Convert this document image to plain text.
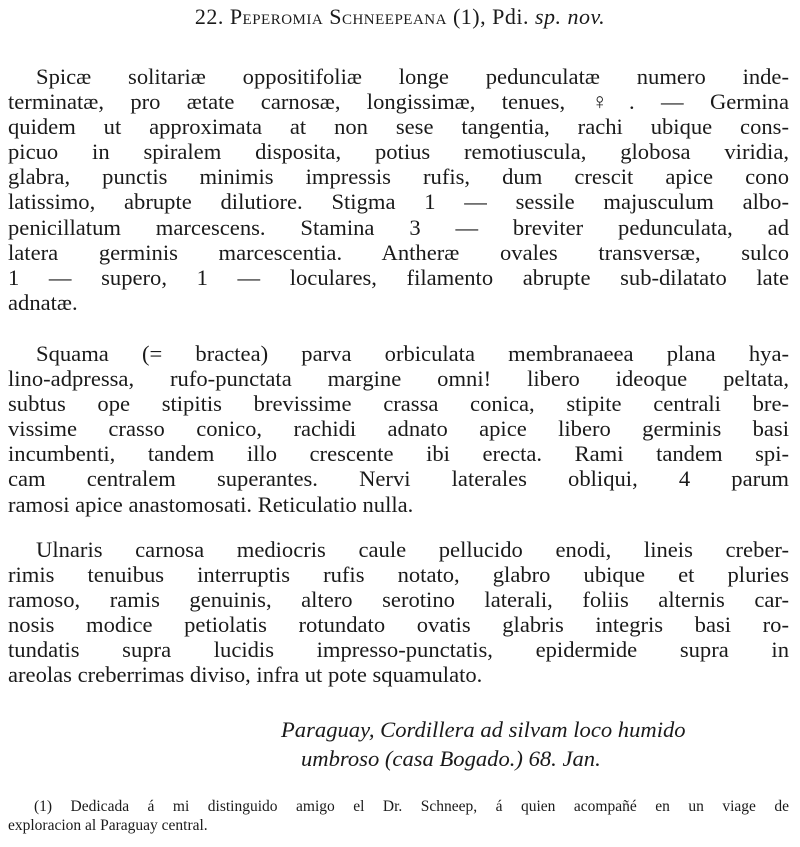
22. Peperomia Schneepeana (1), Pdi. sp. nov.

Spicæ solitariæ oppositifoliæ longe pedunculatæ numero inde-
terminatæ, pro ætate carnosæ, longissimæ, tenues, ♀. — Germina
quidem ut approximata at non sese tangentia, rachi ubique cons-
picuo in spiralem disposita, potius remotiuscula, globosa viridia,
glabra, punctis minimis impressis rufis, dum crescit apice cono
latissimo, abrupte dilutiore. Stigma 1 — sessile majusculum albo-
penicillatum marcescens. Stamina 3 — breviter pedunculata, ad
latera germinis marcescentia. Antheræ ovales transversæ, sulco
1 — supero, 1 — loculares, filamento abrupte sub-dilatato late
adnatæ.

Squama (= bractea) parva orbiculata membranaeea plana hya-
lino-adpressa, rufo-punctata margine omni! libero ideoque peltata,
subtus ope stipitis brevissime crassa conica, stipite centrali bre-
vissime crasso conico, rachidi adnato apice libero germinis basi
incumbenti, tandem illo crescente ibi erecta. Rami tandem spi-
cam centralem superantes. Nervi laterales obliqui, 4 parum
ramosi apice anastomosati. Reticulatio nulla.

Ulnaris carnosa mediocris caule pellucido enodi, lineis creber-
rimis tenuibus interruptis rufis notato, glabro ubique et pluries
ramoso, ramis genuinis, altero serotino laterali, foliis alternis car-
nosis modice petiolatis rotundato ovatis glabris integris basi ro-
tundatis supra lucidis impresso-punctatis, epidermide supra in
areolas creberrimas diviso, infra ut pote squamulato.

Paraguay, Cordillera ad silvam loco humido
umbroso (casa Bogado.) 68. Jan.

(1) Dedicada á mi distinguido amigo el Dr. Schneep, á quien acompañé en un viage de
exploracion al Paraguay central.
